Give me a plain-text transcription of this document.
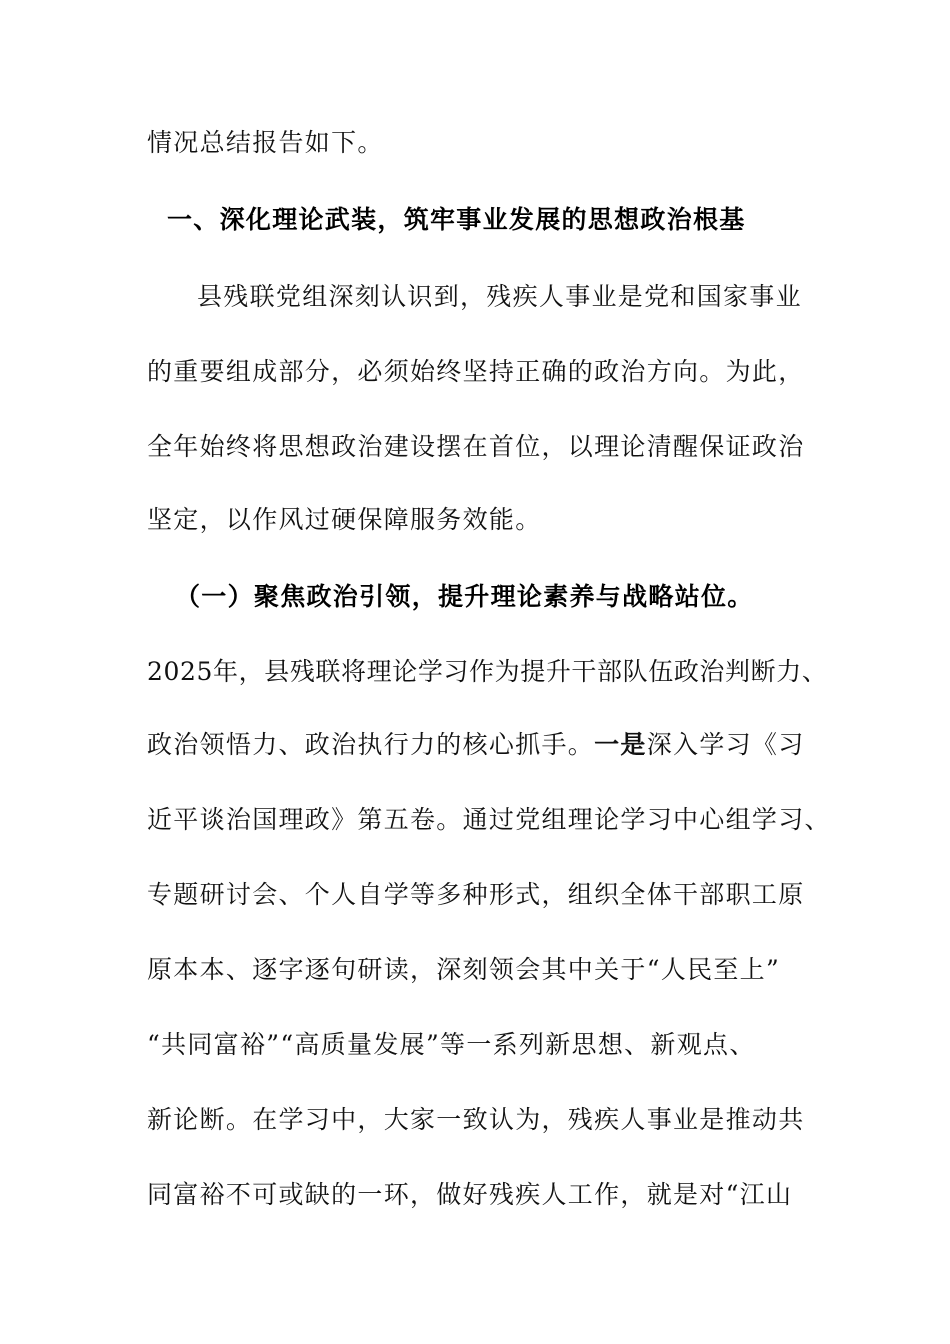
情况总结报告如下。
一、深化理论武装，筑牢事业发展的思想政治根基
县残联党组深刻认识到，残疾人事业是党和国家事业
的重要组成部分，必须始终坚持正确的政治方向。为此，
全年始终将思想政治建设摆在首位，以理论清醒保证政治
坚定，以作风过硬保障服务效能。
（一）聚焦政治引领，提升理论素养与战略站位。
2025年，县残联将理论学习作为提升干部队伍政治判断力、
政治领悟力、政治执行力的核心抓手。一是深入学习《习
近平谈治国理政》第五卷。通过党组理论学习中心组学习、
专题研讨会、个人自学等多种形式，组织全体干部职工原
原本本、逐字逐句研读，深刻领会其中关于“人民至上”
“共同富裕”“高质量发展”等一系列新思想、新观点、
新论断。在学习中，大家一致认为，残疾人事业是推动共
同富裕不可或缺的一环，做好残疾人工作，就是对“江山
